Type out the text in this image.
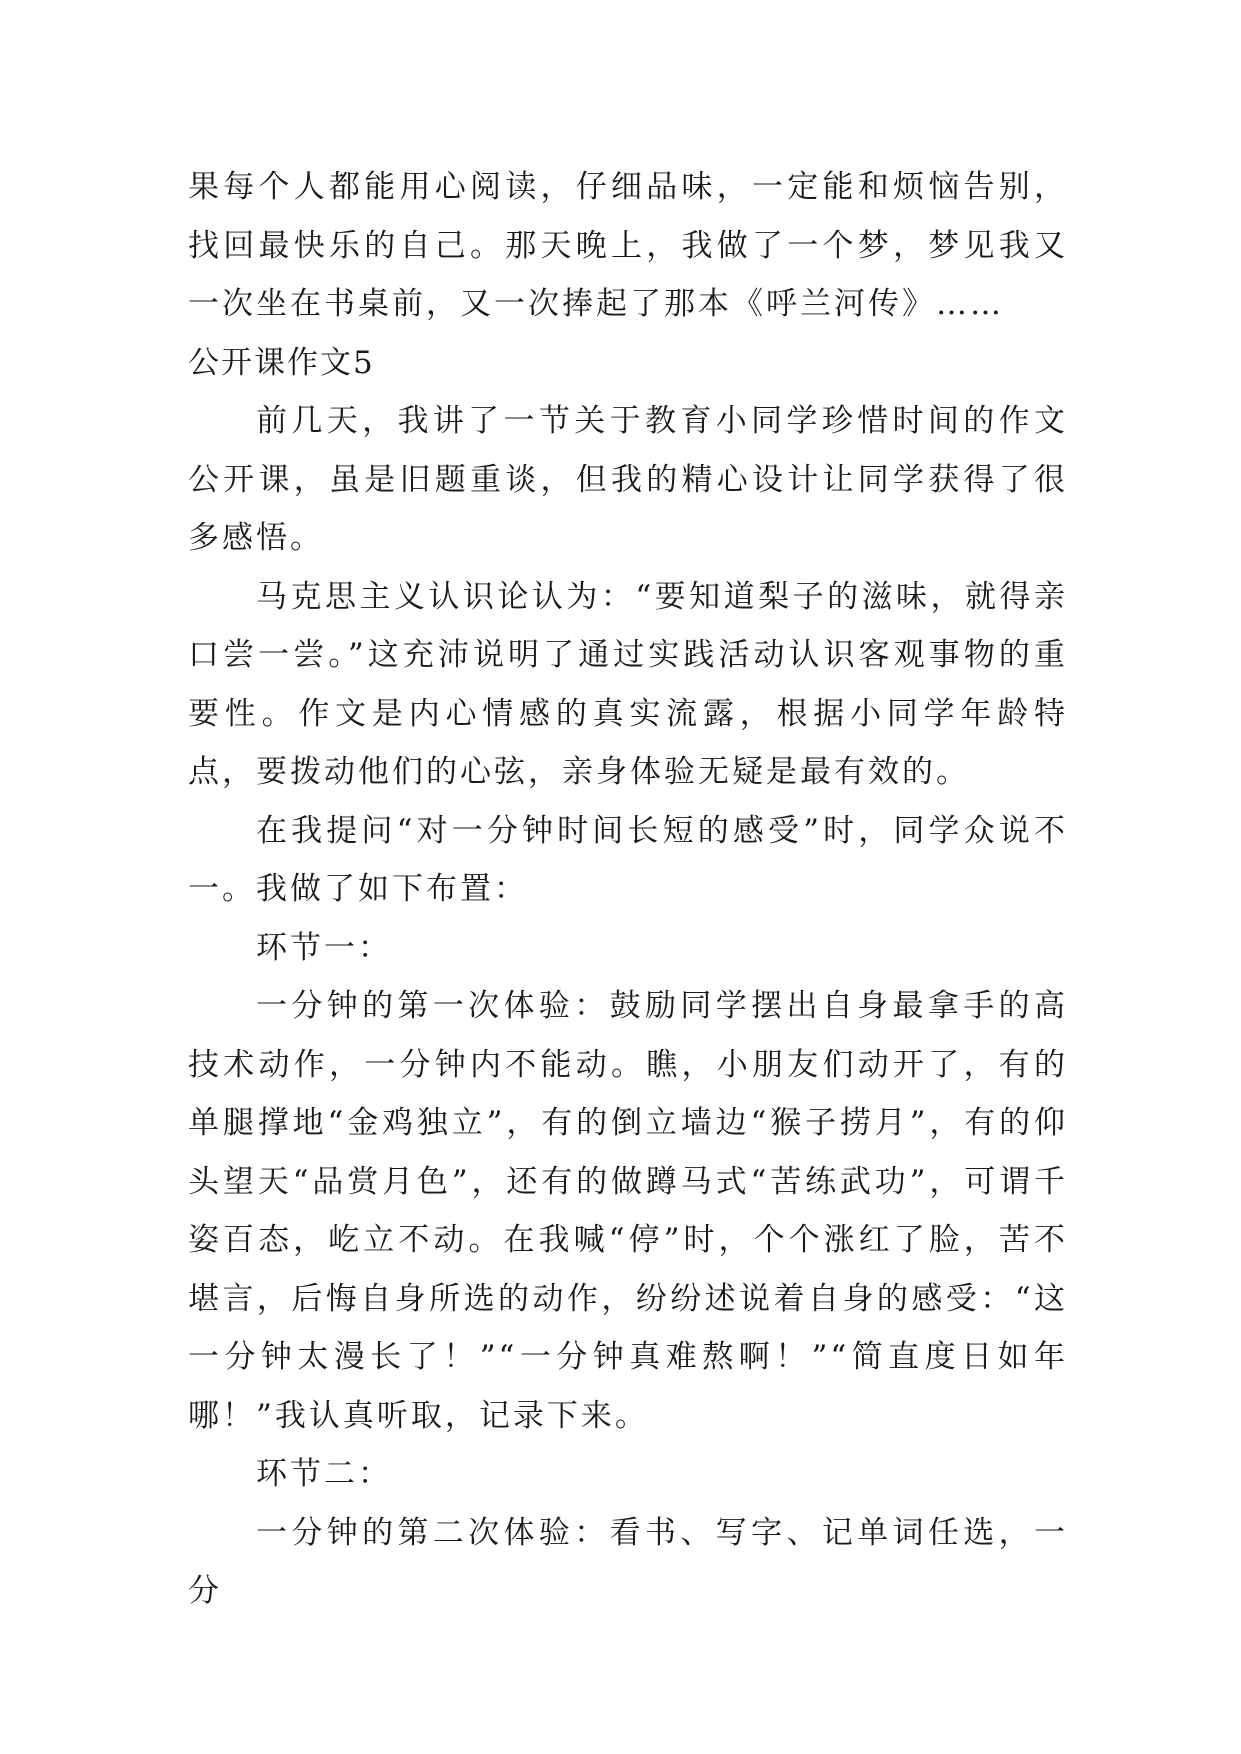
果每个人都能用心阅读，仔细品味，一定能和烦恼告别，找回最快乐的自己。那天晚上，我做了一个梦，梦见我又一次坐在书桌前，又一次捧起了那本《呼兰河传》……

公开课作文5

前几天，我讲了一节关于教育小同学珍惜时间的作文公开课，虽是旧题重谈，但我的精心设计让同学获得了很多感悟。

马克思主义认识论认为：“要知道梨子的滋味，就得亲口尝一尝。”这充沛说明了通过实践活动认识客观事物的重要性。作文是内心情感的真实流露，根据小同学年龄特点，要拨动他们的心弦，亲身体验无疑是最有效的。

在我提问“对一分钟时间长短的感受”时，同学众说不一。我做了如下布置：

环节一：

一分钟的第一次体验：鼓励同学摆出自身最拿手的高技术动作，一分钟内不能动。瞧，小朋友们动开了，有的单腿撑地“金鸡独立”，有的倒立墙边“猴子捞月”，有的仰头望天“品赏月色”，还有的做蹲马式“苦练武功”，可谓千姿百态，屹立不动。在我喊“停”时，个个涨红了脸，苦不堪言，后悔自身所选的动作，纷纷述说着自身的感受：“这一分钟太漫长了！”“一分钟真难熬啊！”“简直度日如年哪！”我认真听取，记录下来。

环节二：

一分钟的第二次体验：看书、写字、记单词任选，一分
